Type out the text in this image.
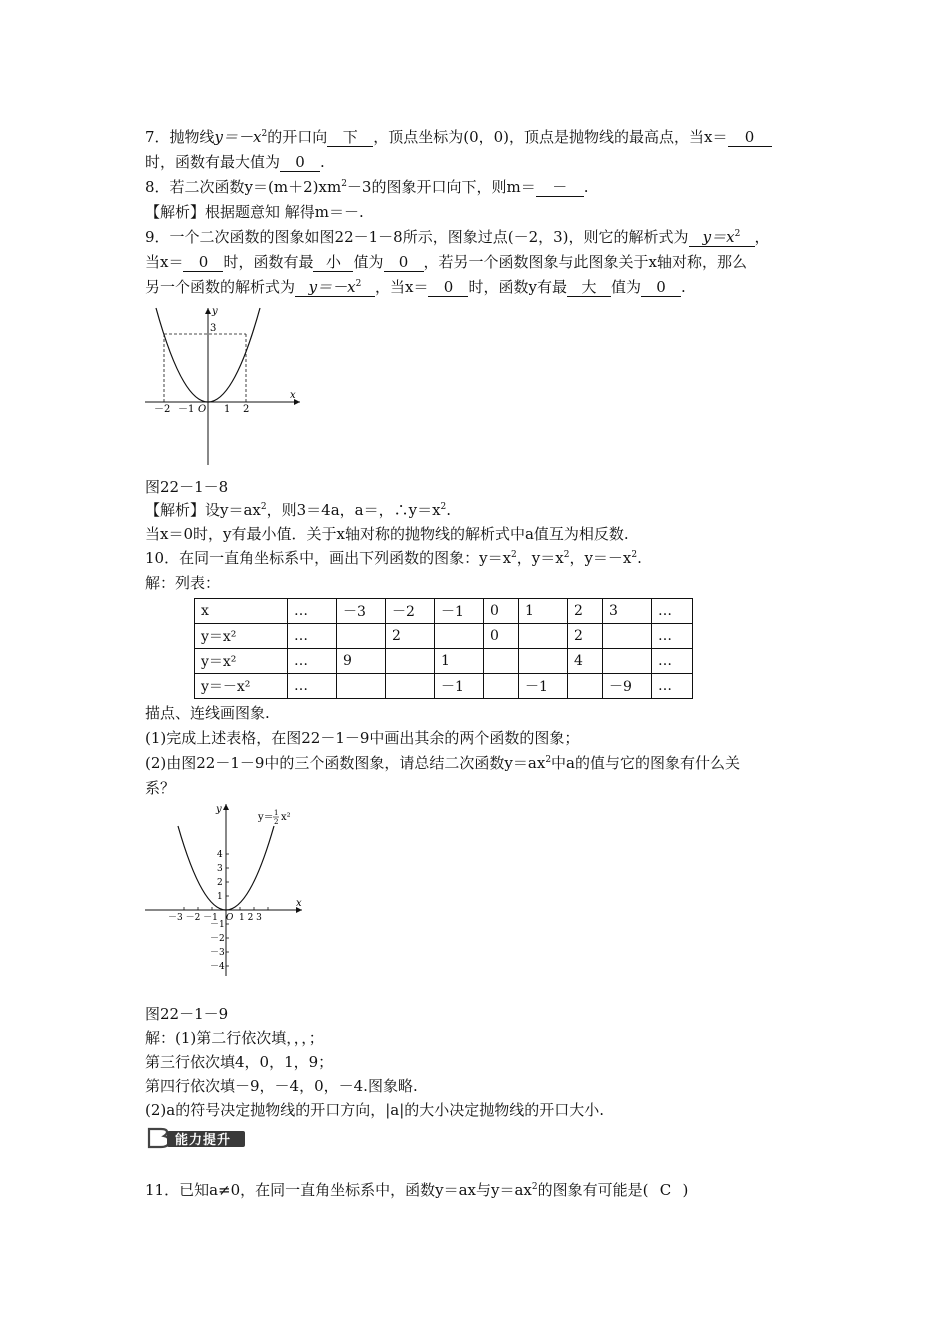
7．抛物线$y=-x^2$的开口向 下 ，顶点坐标为(0，0)，顶点是抛物线的最高点，当x＝ 0
时，函数有最大值为 0 .
8．若二次函数$y=(m+2)xm^2-3$的图象开口向下，则m＝ － .
【解析】根据题意知 解得m＝－.
9．一个二次函数的图象如图22－1－8所示，图象过点(－2，3)，则它的解析式为 $y=x^2$ ，
当x＝ 0 时，函数有最 小 值为 0 ，若另一个函数图象与此图象关于x轴对称，那么
另一个函数的解析式为 $y=-x^2$ ，当x＝ 0 时，函数y有最 大 值为 0 .
y
x
O
3
－2 －1	1 2
图22－1－8
【解析】设$y=ax^2$，则3＝4a，a＝，$\therefore y=x^2$.
当x＝0时，y有最小值．关于x轴对称的抛物线的解析式中a值互为相反数.
10．在同一直角坐标系中，画出下列函数的图象：$y=x^2$，$y=x^2$，$y=-x^2$.
解：列表：
x	…	－3	－2	－1	0	1	2	3	…
y＝x²	…		2		0		2		…
y＝x²	…	9		1			4		…
y＝－x²	…			－1		－1		－9	…
描点、连线画图象.
(1)完成上述表格，在图22－1－9中画出其余的两个函数的图象；
(2)由图22－1－9中的三个函数图象，请总结二次函数$y=ax^2$中a的值与它的图象有什么关
系？
y＝ 1
2 x²
y
x
O
－3 －2 －1 1 2 3
4
3
2
1
－1
－2
－3
－4
图22－1－9
解：(1)第二行依次填，，，；
第三行依次填4，0，1，9；
第四行依次填－9，－4，0，－4.图象略.
(2)a的符号决定抛物线的开口方向，|a|的大小决定抛物线的开口大小.
能力提升
11．已知a≠0，在同一直角坐标系中，函数y＝ax与$y=ax^2$的图象有可能是( C )
